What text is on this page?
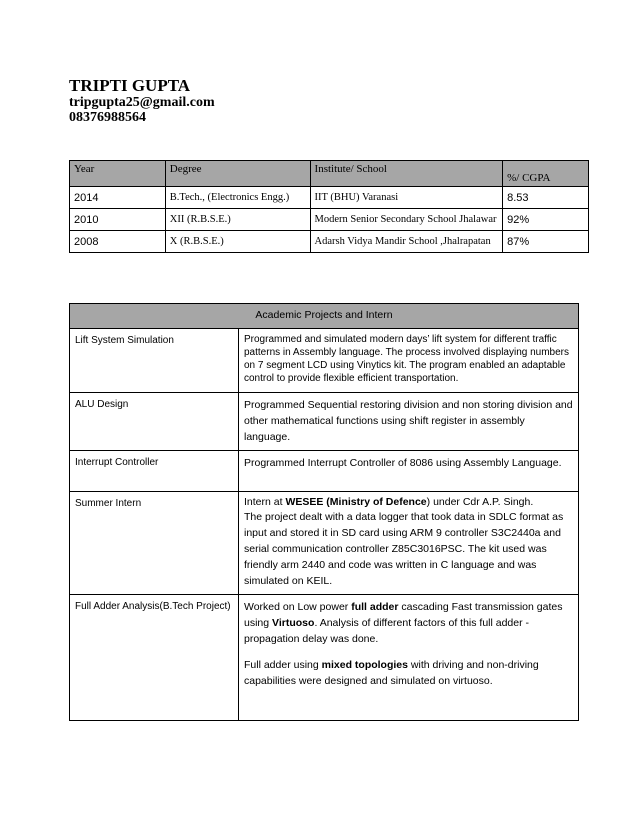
TRIPTI GUPTA

tripgupta25@gmail.com

08376988564

Year	Degree	Institute/ School	%/ CGPA

2014	B.Tech., (Electronics Engg.)	IIT (BHU) Varanasi	8.53
2010	XII (R.B.S.E.)	Modern Senior Secondary School Jhalawar	92%
2008	X (R.B.S.E.)	Adarsh Vidya Mandir School ,Jhalrapatan	87%
Academic Projects and Intern	
Lift System Simulation	Programmed and simulated modern days’ lift system for different traffic patterns in Assembly language. The process involved displaying numbers on 7 segment LCD using Vinytics kit. The program enabled an adaptable control to provide flexible efficient transportation.
ALU Design	Programmed Sequential restoring division and non storing division and other mathematical functions using shift register in assembly language.
Interrupt Controller	Programmed Interrupt Controller of 8086 using Assembly Language.
Summer Intern	Intern at WESEE (Ministry of Defence) under Cdr A.P. Singh.

The project dealt with a data logger that took data in SDLC format as input and stored it in SD card using ARM 9 controller S3C2440a and serial communication controller Z85C3016PSC. The kit used was friendly arm 2440 and code was written in C language and was simulated on KEIL.

Full Adder Analysis(B.Tech Project)	Worked on Low power full adder cascading Fast transmission gates using Virtuoso. Analysis of different factors of this full adder - propagation delay was done.

Full adder using mixed topologies with driving and non-driving capabilities were designed and simulated on virtuoso.
